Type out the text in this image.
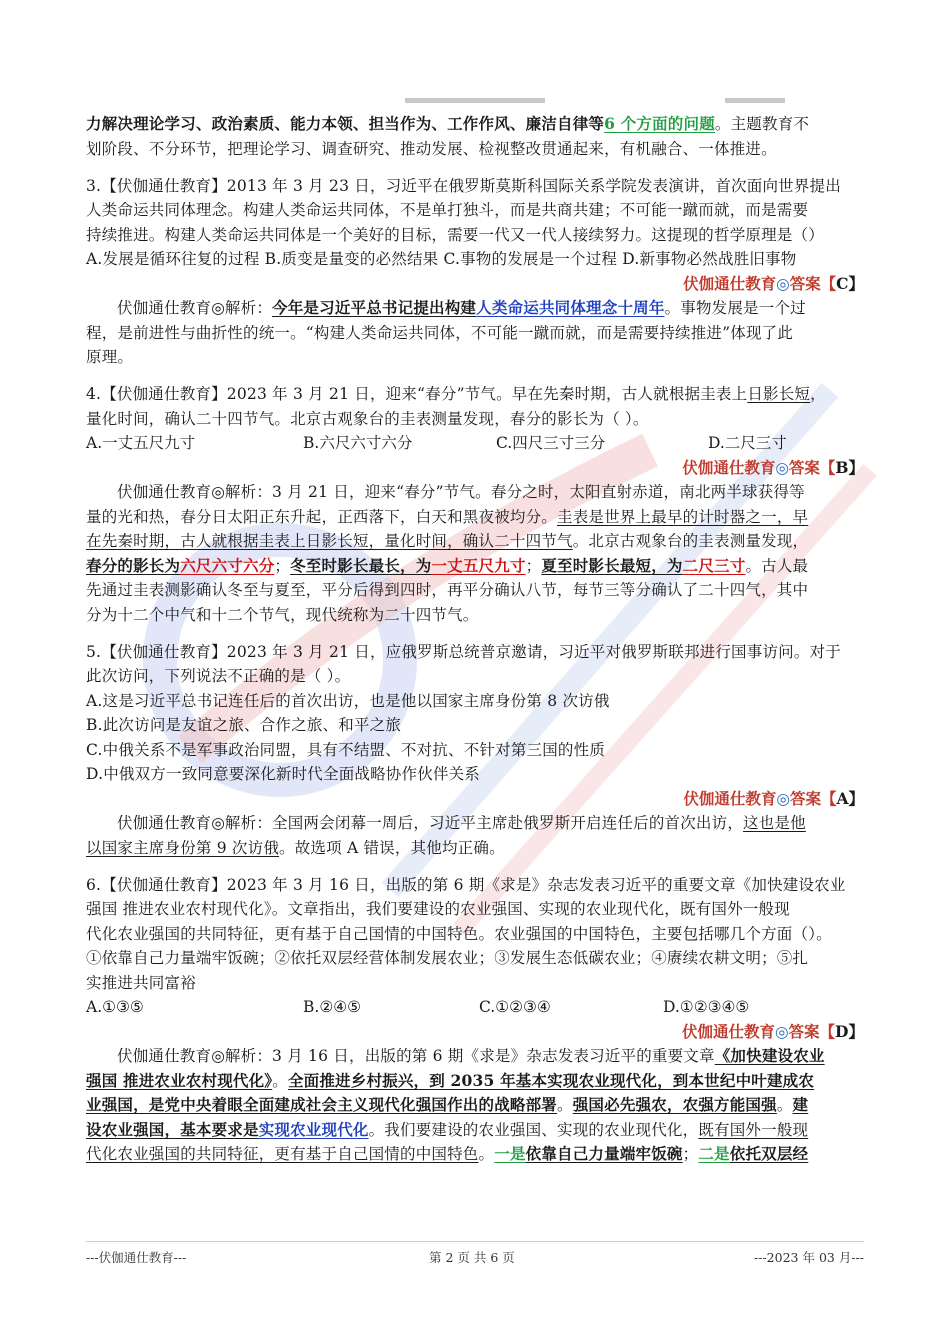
力解决理论学习、政治素质、能力本领、担当作为、工作作风、廉洁自律等6 个方面的问题。主题教育不
划阶段、不分环节，把理论学习、调查研究、推动发展、检视整改贯通起来，有机融合、一体推进。
3.【伏伽通仕教育】2013 年 3 月 23 日，习近平在俄罗斯莫斯科国际关系学院发表演讲，首次面向世界提出
人类命运共同体理念。构建人类命运共同体，不是单打独斗，而是共商共建；不可能一蹴而就，而是需要
持续推进。构建人类命运共同体是一个美好的目标，需要一代又一代人接续努力。这提现的哲学原理是（）
A.发展是循环往复的过程 B.质变是量变的必然结果 C.事物的发展是一个过程 D.新事物必然战胜旧事物
伏伽通仕教育◎答案【C】
伏伽通仕教育◎解析：今年是习近平总书记提出构建人类命运共同体理念十周年。事物发展是一个过
程，是前进性与曲折性的统一。“构建人类命运共同体，不可能一蹴而就，而是需要持续推进”体现了此
原理。
4.【伏伽通仕教育】2023 年 3 月 21 日，迎来“春分”节气。早在先秦时期，古人就根据圭表上日影长短，
量化时间，确认二十四节气。北京古观象台的圭表测量发现，春分的影长为（ ）。
A.一丈五尺九寸	B.六尺六寸六分	C.四尺三寸三分	D.二尺三寸
伏伽通仕教育◎答案【B】
伏伽通仕教育◎解析：3 月 21 日，迎来“春分”节气。春分之时，太阳直射赤道，南北两半球获得等
量的光和热，春分日太阳正东升起，正西落下，白天和黑夜被均分。圭表是世界上最早的计时器之一，早
在先秦时期，古人就根据圭表上日影长短，量化时间，确认二十四节气。北京古观象台的圭表测量发现，
春分的影长为六尺六寸六分；冬至时影长最长，为一丈五尺九寸；夏至时影长最短，为二尺三寸。古人最
先通过圭表测影确认冬至与夏至，平分后得到四时，再平分确认八节，每节三等分确认了二十四气，其中
分为十二个中气和十二个节气，现代统称为二十四节气。
5.【伏伽通仕教育】2023 年 3 月 21 日，应俄罗斯总统普京邀请，习近平对俄罗斯联邦进行国事访问。对于
此次访问，下列说法不正确的是（ ）。
A.这是习近平总书记连任后的首次出访，也是他以国家主席身份第 8 次访俄
B.此次访问是友谊之旅、合作之旅、和平之旅
C.中俄关系不是军事政治同盟，具有不结盟、不对抗、不针对第三国的性质
D.中俄双方一致同意要深化新时代全面战略协作伙伴关系
伏伽通仕教育◎答案【A】
伏伽通仕教育◎解析：全国两会闭幕一周后，习近平主席赴俄罗斯开启连任后的首次出访，这也是他
以国家主席身份第 9 次访俄。故选项 A 错误，其他均正确。
6.【伏伽通仕教育】2023 年 3 月 16 日，出版的第 6 期《求是》杂志发表习近平的重要文章《加快建设农业
强国 推进农业农村现代化》。文章指出，我们要建设的农业强国、实现的农业现代化，既有国外一般现
代化农业强国的共同特征，更有基于自己国情的中国特色。农业强国的中国特色，主要包括哪几个方面（）。
①依靠自己力量端牢饭碗；②依托双层经营体制发展农业；③发展生态低碳农业；④赓续农耕文明；⑤扎
实推进共同富裕
A.①③⑤	B.②④⑤	C.①②③④	D.①②③④⑤
伏伽通仕教育◎答案【D】
伏伽通仕教育◎解析：3 月 16 日，出版的第 6 期《求是》杂志发表习近平的重要文章《加快建设农业
强国 推进农业农村现代化》。全面推进乡村振兴，到 2035 年基本实现农业现代化，到本世纪中叶建成农
业强国，是党中央着眼全面建成社会主义现代化强国作出的战略部署。强国必先强农，农强方能国强。建
设农业强国，基本要求是实现农业现代化。我们要建设的农业强国、实现的农业现代化，既有国外一般现
代化农业强国的共同特征，更有基于自己国情的中国特色。一是依靠自己力量端牢饭碗；二是依托双层经
---伏伽通仕教育---	第 2 页 共 6 页	---2023 年 03 月---
